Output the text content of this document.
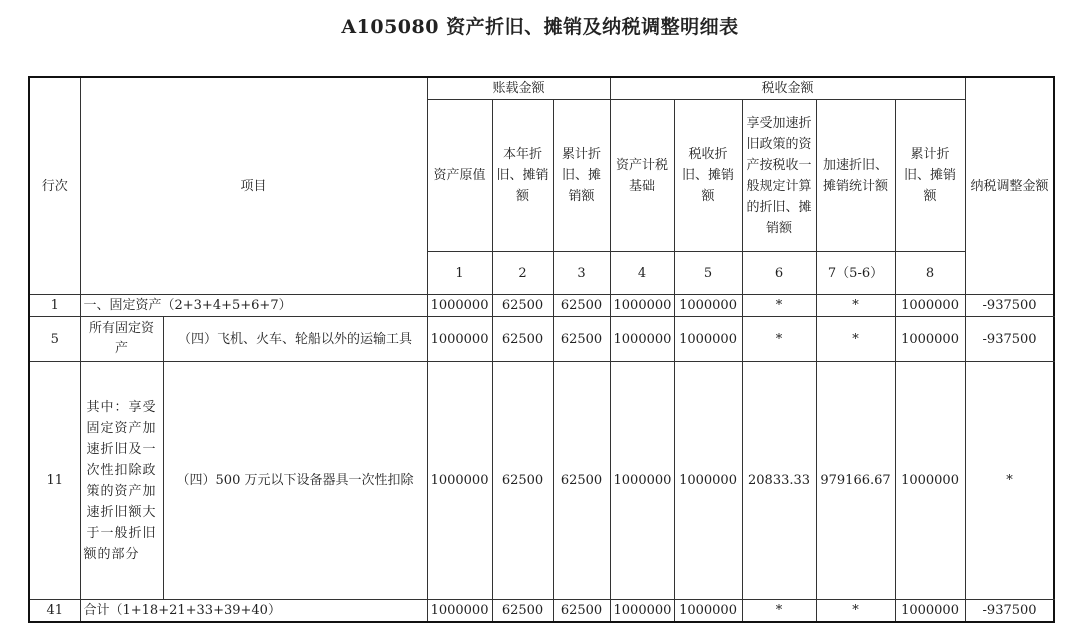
A105080 资产折旧、摊销及纳税调整明细表
行次	项目		账载金额			税收金额					纳税调整金额	
			资产原值	本年折旧、摊销额	累计折旧、摊销额	资产计税基础	税收折旧、摊销额	享受加速折旧政策的资产按税收一般规定计算的折旧、摊销额	加速折旧、摊销统计额	累计折旧、摊销额		
			1	2	3	4	5	6	7（5-6）	8	
1	一、固定资产（2+3+4+5+6+7）		1000000	62500	62500	1000000	1000000	*	*	1000000	-937500	
5	所有固定资产	（四）飞机、火车、轮船以外的运输工具	1000000	62500	62500	1000000	1000000	*	*	1000000	-937500	
11	其中：享受固定资产加速折旧及一次性扣除政策的资产加速折旧额大于一般折旧额的部分	（四）500 万元以下设备器具一次性扣除	1000000	62500	62500	1000000	1000000	20833.33	979166.67	1000000	*	
41	合计（1+18+21+33+39+40）		1000000	62500	62500	1000000	1000000	*	*	1000000	-937500	
